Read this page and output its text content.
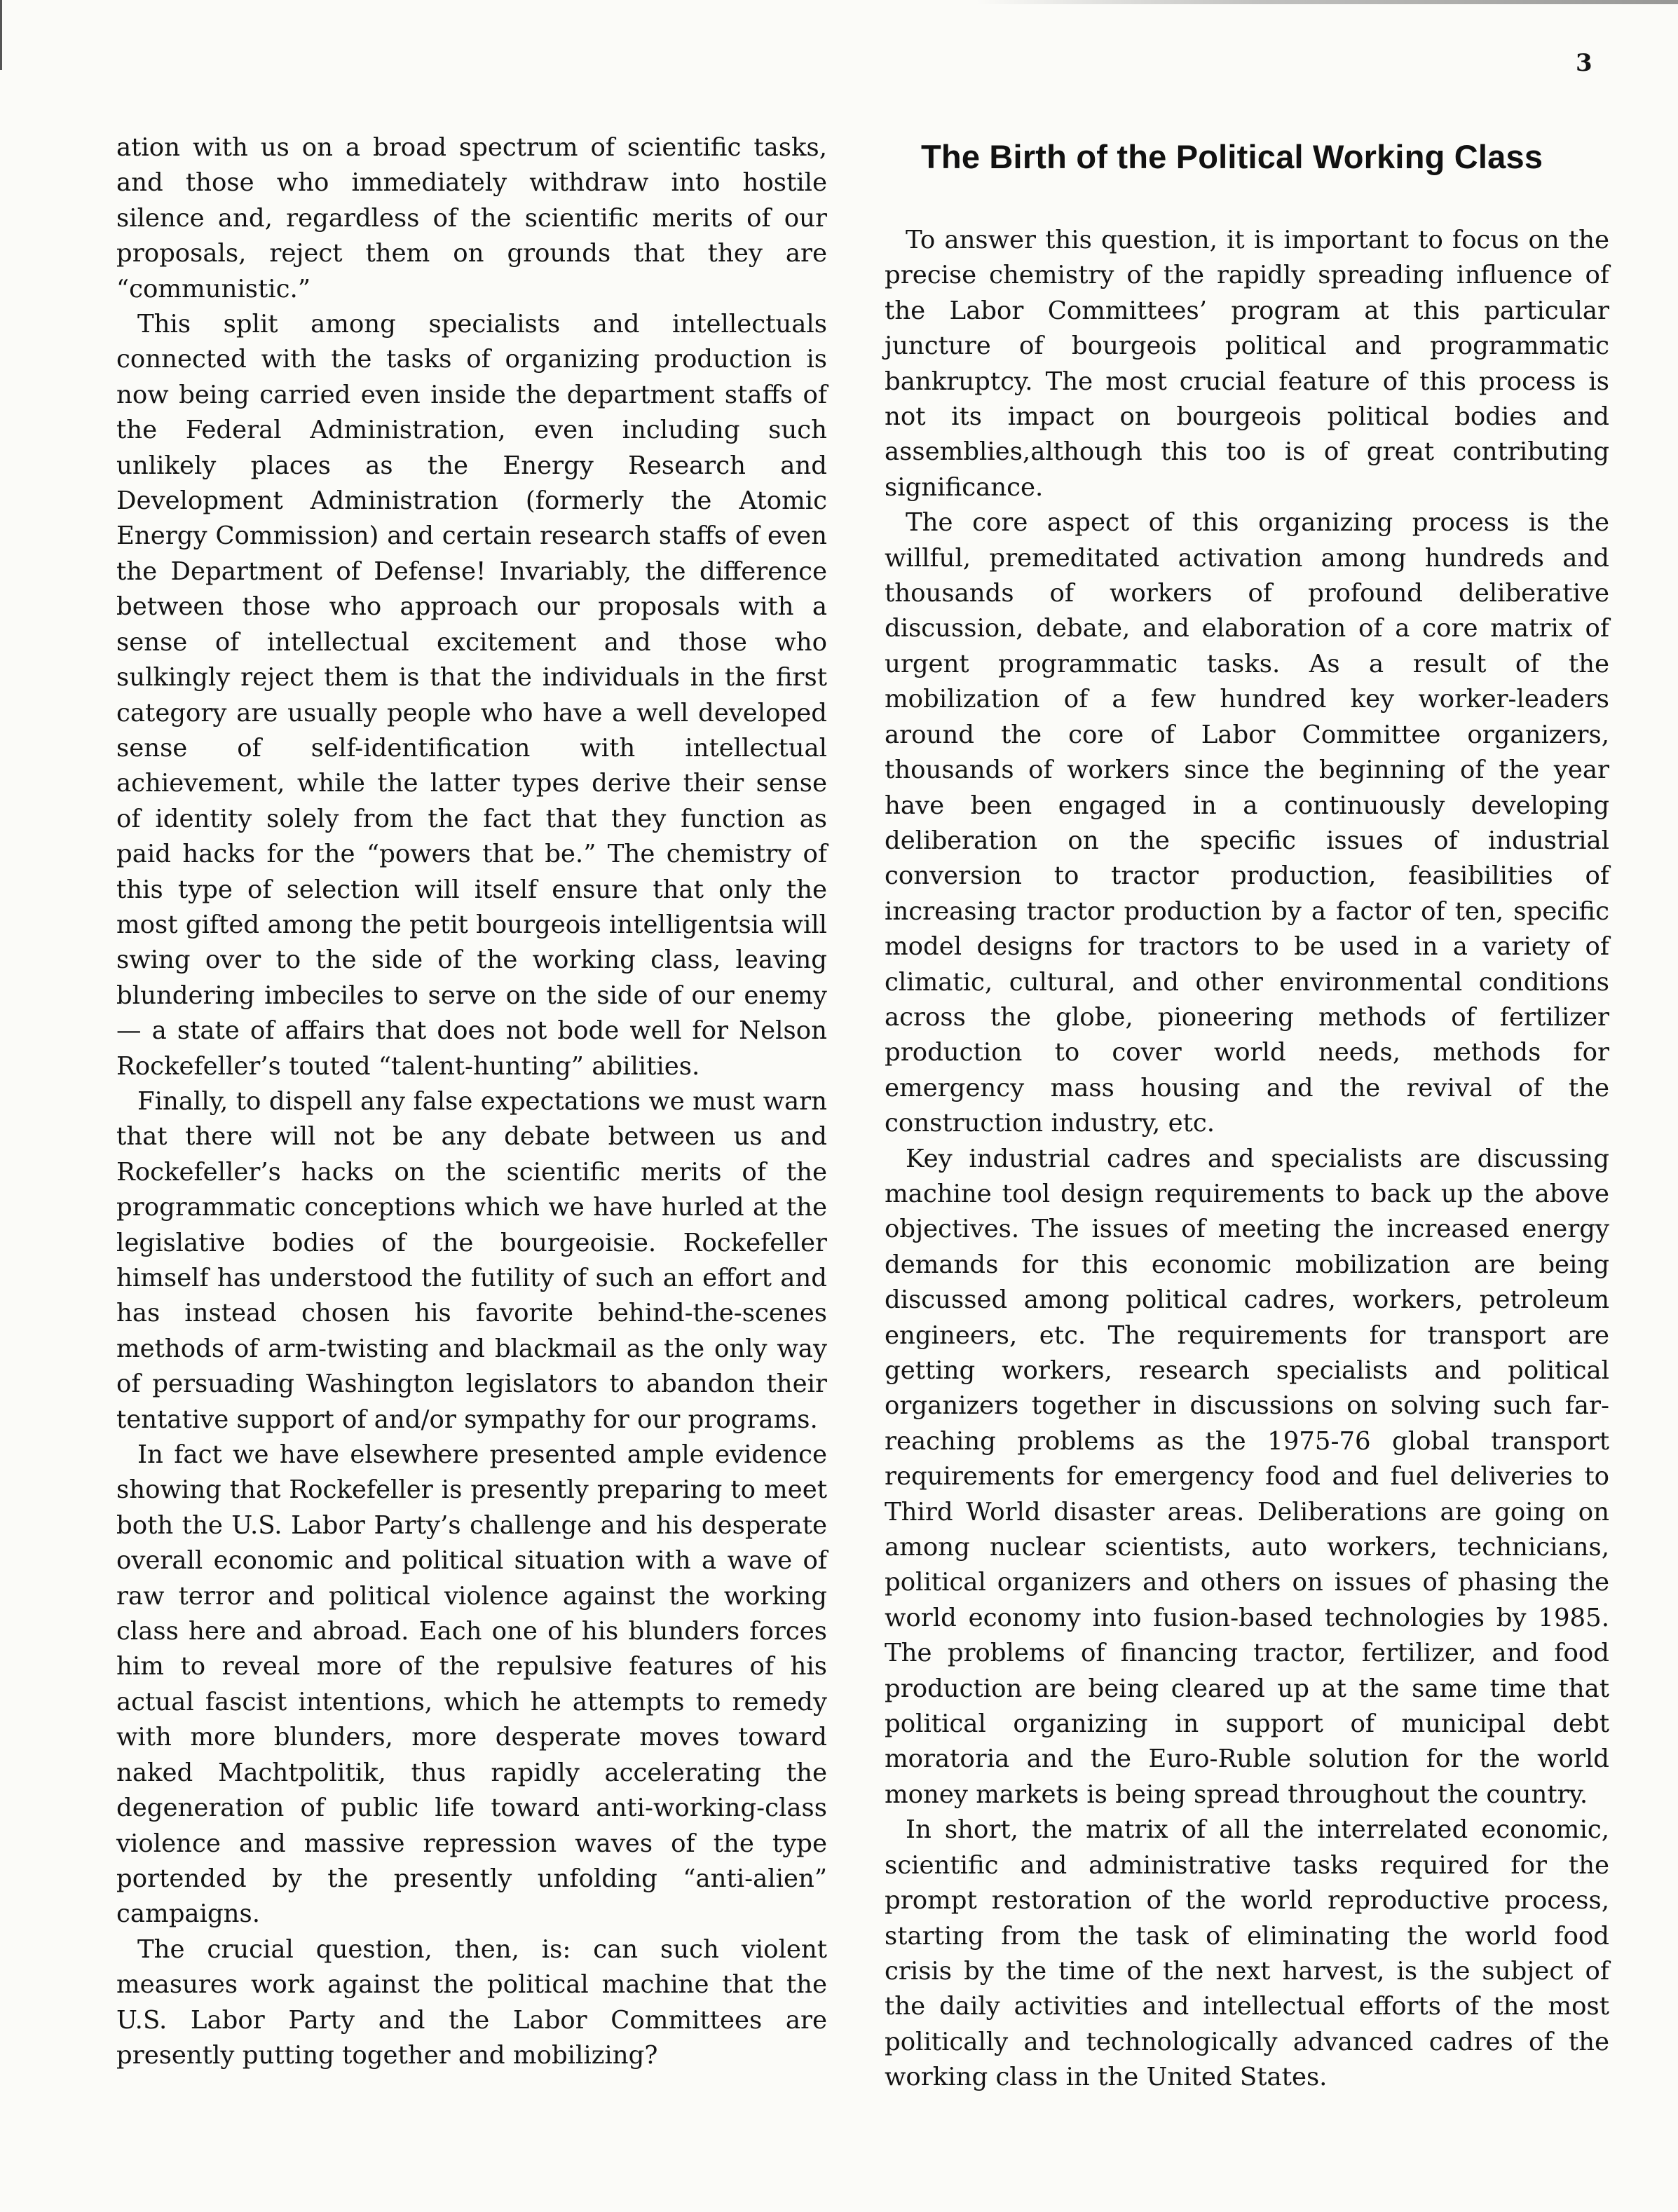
3

ation with us on a broad spectrum of scientific tasks, and those who immediately withdraw into hostile silence and, regardless of the scientific merits of our proposals, reject them on grounds that they are “communistic.”

This split among specialists and intellectuals connected with the tasks of organizing production is now being carried even inside the department staffs of the Federal Administration, even including such unlikely places as the Energy Research and Development Administration (formerly the Atomic Energy Commission) and certain research staffs of even the Department of Defense! Invariably, the difference between those who approach our proposals with a sense of intellectual excitement and those who sulkingly reject them is that the individuals in the first category are usually people who have a well developed sense of self-identification with intellectual achievement, while the latter types derive their sense of identity solely from the fact that they function as paid hacks for the “powers that be.” The chemistry of this type of selection will itself ensure that only the most gifted among the petit bourgeois intelligentsia will swing over to the side of the working class, leaving blundering imbeciles to serve on the side of our enemy — a state of affairs that does not bode well for Nelson Rockefeller’s touted “talent-hunting” abilities.

Finally, to dispell any false expectations we must warn that there will not be any debate between us and Rockefeller’s hacks on the scientific merits of the programmatic conceptions which we have hurled at the legislative bodies of the bourgeoisie. Rockefeller himself has understood the futility of such an effort and has instead chosen his favorite behind-the-scenes methods of arm-twisting and blackmail as the only way of persuading Washington legislators to abandon their tentative support of and/or sympathy for our programs.

In fact we have elsewhere presented ample evidence showing that Rockefeller is presently preparing to meet both the U.S. Labor Party’s challenge and his desperate overall economic and political situation with a wave of raw terror and political violence against the working class here and abroad. Each one of his blunders forces him to reveal more of the repulsive features of his actual fascist intentions, which he attempts to remedy with more blunders, more desperate moves toward naked Machtpolitik, thus rapidly accelerating the degeneration of public life toward anti-working-class violence and massive repression waves of the type portended by the presently unfolding “anti-alien” campaigns.

The crucial question, then, is: can such violent measures work against the political machine that the U.S. Labor Party and the Labor Committees are presently putting together and mobilizing?

The Birth of the Political Working Class

To answer this question, it is important to focus on the precise chemistry of the rapidly spreading influence of the Labor Committees’ program at this particular juncture of bourgeois political and programmatic bankruptcy. The most crucial feature of this process is not its impact on bourgeois political bodies and assemblies,although this too is of great contributing significance.

The core aspect of this organizing process is the willful, premeditated activation among hundreds and thousands of workers of profound deliberative discussion, debate, and elaboration of a core matrix of urgent programmatic tasks. As a result of the mobilization of a few hundred key worker-leaders around the core of Labor Committee organizers, thousands of workers since the beginning of the year have been engaged in a continuously developing deliberation on the specific issues of industrial conversion to tractor production, feasibilities of increasing tractor production by a factor of ten, specific model designs for tractors to be used in a variety of climatic, cultural, and other environmental conditions across the globe, pioneering methods of fertilizer production to cover world needs, methods for emergency mass housing and the revival of the construction industry, etc.

Key industrial cadres and specialists are discussing machine tool design requirements to back up the above objectives. The issues of meeting the increased energy demands for this economic mobilization are being discussed among political cadres, workers, petroleum engineers, etc. The requirements for transport are getting workers, research specialists and political organizers together in discussions on solving such far-reaching problems as the 1975-76 global transport requirements for emergency food and fuel deliveries to Third World disaster areas. Deliberations are going on among nuclear scientists, auto workers, technicians, political organizers and others on issues of phasing the world economy into fusion-based technologies by 1985. The problems of financing tractor, fertilizer, and food production are being cleared up at the same time that political organizing in support of municipal debt moratoria and the Euro-Ruble solution for the world money markets is being spread throughout the country.

In short, the matrix of all the interrelated economic, scientific and administrative tasks required for the prompt restoration of the world reproductive process, starting from the task of eliminating the world food crisis by the time of the next harvest, is the subject of the daily activities and intellectual efforts of the most politically and technologically advanced cadres of the working class in the United States.
